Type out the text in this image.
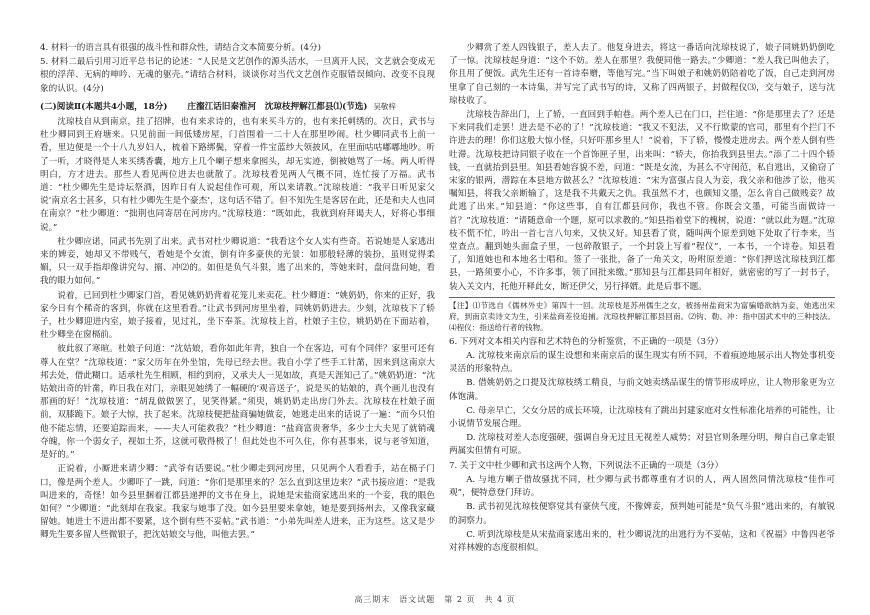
4. 材料一的语言具有很强的战斗性和群众性，请结合文本简要分析。(4分)

5. 材料二最后引用习近平总书记的论述：“人民是文艺创作的源头活水，一旦离开人民，文艺就会变成无根的浮萍、无病的呻吟、无魂的躯壳。”请结合材料，谈谈你对当代文艺创作克服错误倾向、改变不良现象的认识。(4分)

(二)阅读Ⅱ(本题共4小题，18分) 庄瀣江话旧秦淮河　沈琼枝押解江都县⑴(节选) 吴敬梓

沈琼枝自从到南京，挂了招牌，也有来求诗的，也有来买斗方的，也有来托刺绣的。次日，武书与杜少卿同到王府塘来。只见前面一间低矮房屋，门首围着一二十人在那里吵闹。杜少卿同武书上前一看，里边便是一个十八九岁妇人，梳着下路绑鬓，穿着一件宝蓝纱大领披风，在里面咕咕嘟嘟地吵。听了一听，才晓得是人来买绣香囊，地方上几个喇子想来拿囮头，却无实迹，倒被她骂了一场。两人听得明白，方才进去。那些人看见两位进去也就散了。沈琼枝看见两人气概不同，连忙接了万福。武书道：“杜少卿先生是诗坛祭酒，因昨日有人说起佳作可观，所以来请教。”沈琼枝道：“我平日听见家父说‘南京名士甚多，只有杜少卿先生是个豪杰’，这句话不错了。但不知先生是客居在此，还是和夫人也同在南京？”杜少卿道：“拙荆也同寄居在河房内。”沈琼枝道：“既如此，我就到府拜谒夫人，好将心事细说。”

杜少卿应诺，同武书先别了出来。武书对杜少卿说道：“我看这个女人实有些奇。若说她是人家逃出来的婢妾，她却又不带贱气，看她是个女流，倒有许多豪侠的光景：如那般轻薄的装扮，虽则觉得柔媚，只一双手指却像讲究勾、搦、冲⑵的。如但是负气斗狠，逃了出来的，等她来时，盘问盘问她，看我的眼力如何。”

说着，已回到杜少卿家门首，看见姚奶奶背着花笼儿来卖花。杜少卿道：“姚奶奶，你来的正好，我家今日有个稀奇的客到，你就在这里看看。”让武书到河房里坐着，同姚奶奶进去。少刻，沈琼枝下了轿子，杜少卿迎进内室，娘子接着，见过礼，坐下奉茶。沈琼枝上首，杜娘子主位，姚奶奶在下面站着，杜少卿坐在窗槅前。

彼此叙了寒暄。杜娘子问道：“沈姑娘，看你如此年青，独自一个在客边，可有个同伴？家里可还有尊人在堂？”沈琼枝道：“家父历年在外坐馆，先母已经去世。我自小学了些手工针黹，因来到这南京大邦去处，借此糊口。适承杜先生相顾，相约到府，又承夫人一见如故，真是天涯知己了。”姚奶奶道：“沈姑娘出奇的针黹，昨日我在对门，亲眼见她绣了一幅硬的‘观音送子’，说是买的姑娘的，真个画儿也没有那画的好！”沈琼枝道：“胡乱做做罢了，见笑得紧。”须臾，姚奶奶走出房门外去。沈琼枝在杜娘子面前，双膝跪下。娘子大惊，扶了起来。沈琼枝便把盐商骗她做妾，她逃走出来的话说了一遍：“而今只怕他不能忘情，还要追踪而来，——夫人可能救我？”杜少卿道：“盐商富贵奢华，多少士大夫见了就销魂夺魄，你一个弱女子，视如土芥，这就可敬得极了！但此处也不可久住，你有甚事来，说与老爷知道，是好的。”

正说着，小厮进来请少卿：“武爷有话要说。”杜少卿走到河房里，只见两个人看看手，站在槅子门口，像是两个差人。少卿吓了一跳，问道：“你们是那里来的？怎么直到这里边来？”武书接应道：“是我叫进来的，奇怪！如今县里捆着江都县递押的文书在身上，说她是宋盐商家逃出来的一个妾，我的眼色如何？”少卿道：“此刻却在我家。我家与她事了没。如今县里要来拿她，她是要到扬州去，又像我家藏留她。她进士不进出都不要紧，这个倒有些不妥帖。”武书道：“小弟先叫差人进来，正为这些。这又是少卿先生要多留人些微银子，把沈姑娘交与他，叫他去罢。”

少卿赏了差人四钱银子，差人去了。他复身进去，将这一番话向沈琼枝说了，娘子同姚奶奶倒吃了一惊。沈琼枝起身道：“这个不妨。差人在那里？我便同他一路去。”少卿道：“差人我已叫他去了，你且用了便饭。武先生还有一首诗奉赠，等他写完。”当下叫娘子和姚奶奶陪着吃了饭，自己走到河房里拿了自己刻的一本诗集，并写完了武书写的诗，又称了四两银子，封做程仪⑶，交与娘子，送与沈琼枝收了。

沈琼枝告辞出门，上了轿，一直回到手帕巷。两个差人已在门口，拦住道：“你是那里去了？还是下来同我们走罢！进去是不必的了！”沈琼枝道：“我又不犯法，又不行欺蒙的官司，那里有个拦门不许进去的理！你们这般大惊小怪，只好吓那乡里人！”说着，下了轿，慢慢走进房去。两个差人倒有些吐滞。沈琼枝把诗同银子收在一个首饰匣子里，出来叫：“轿夫，你抬我到县里去。”添了二十四个轿钱，一直就抬到县里。知县看她容貌不差，问道：“既是女流，为甚么不守闺范，私自逃出，又偷窃了宋家的银两，潜踪在本县地方做甚么？”沈琼枝道：“宋为富强占良人为妾，我父亲和他涉了讼，他买嘱知县，将我父亲断输了，这是我不共戴天之仇。我虽然不才，也颇知文墨，怎么肯自己做贱妾？故此逃了出来。”知县道：“你这些事，自有江都县问你，我也不管。你既会文墨，可能当面做诗一首？”沈琼枝道：“请随意命一个题，原可以求教的。”知县指着堂下的槐树，说道：“就以此为题。”沈琼枝不慌不忙，吟出一首七言八句来，又快又好。知县看了赏，随叫两个原差到她下处取了行李来，当堂查点。翻到她头面盒子里，一包碎散银子，一个封袋上写着“程仪”，一本书，一个诗卷。知县看了，知道她也和本地名士唱和。签了一张批，备了一角关文，吩咐原差道：“你们押送沈琼枝到江都县，一路须要小心，不许多事，领了回批来缴。”那知县与江都县同年相好，就密密的写了一封书子，装入关文内，托他开释此女，断还伊父，另行择婿。此是后事不题。

【注】⑴节选自《儒林外史》第四十一回。沈琼枝是苏州儒生之女，被扬州盐商宋为富骗婚欲纳为妾，她逃出宋府，到南京卖诗文为生，引来盐商差役追捕。沈琼枝押解江都县回南。⑵钩、勒、冲：指中国武术中的三种技法。⑷程仪：指送给行者的钱物。

6. 下列对文本相关内容和艺术特色的分析鉴赏，不正确的一项是（3分）

A. 沈琼枝来南京后的谋生设想和来南京后的谋生现实有所不同，不着痕迹地展示出人物处事机变灵活的形象特点。

B. 借姚奶奶之口提及沈琼枝绣工精良，与前文她卖绣品谋生的情节形成呼应，让人物形象更为立体饱满。

C. 母亲早亡，父女分居的成长环境，让沈琼枝有了跳出封建家庭对女性标准化培养的可能性，让小说情节发展合理。

D. 沈琼枝对差人态度强硬，强调自身无过且无视差人威势；对县官则条理分明，辩白自己拿走银两属实但情有可原。

7. 关于文中杜少卿和武书这两个人物，下列说法不正确的一项是（3分）

A. 与地方喇子借故骚扰不同，杜少卿与武书都尊重有才识的人，两人固然同情沈琼枝“佳作可观”，便特意登门拜访。

B. 武书初见沈琼枝便察觉其有豪侠气度，不像婢妾，预判她可能是“负气斗狠”逃出来的，有敏锐的洞察力。

C. 听到沈琼枝是从宋盐商家逃出来的，杜少卿说沈的出逃行为不妥帖，这和《祝福》中鲁四老爷对祥林嫂的态度很相似。

高三期末　语文试题　第 2 页　共 4 页
